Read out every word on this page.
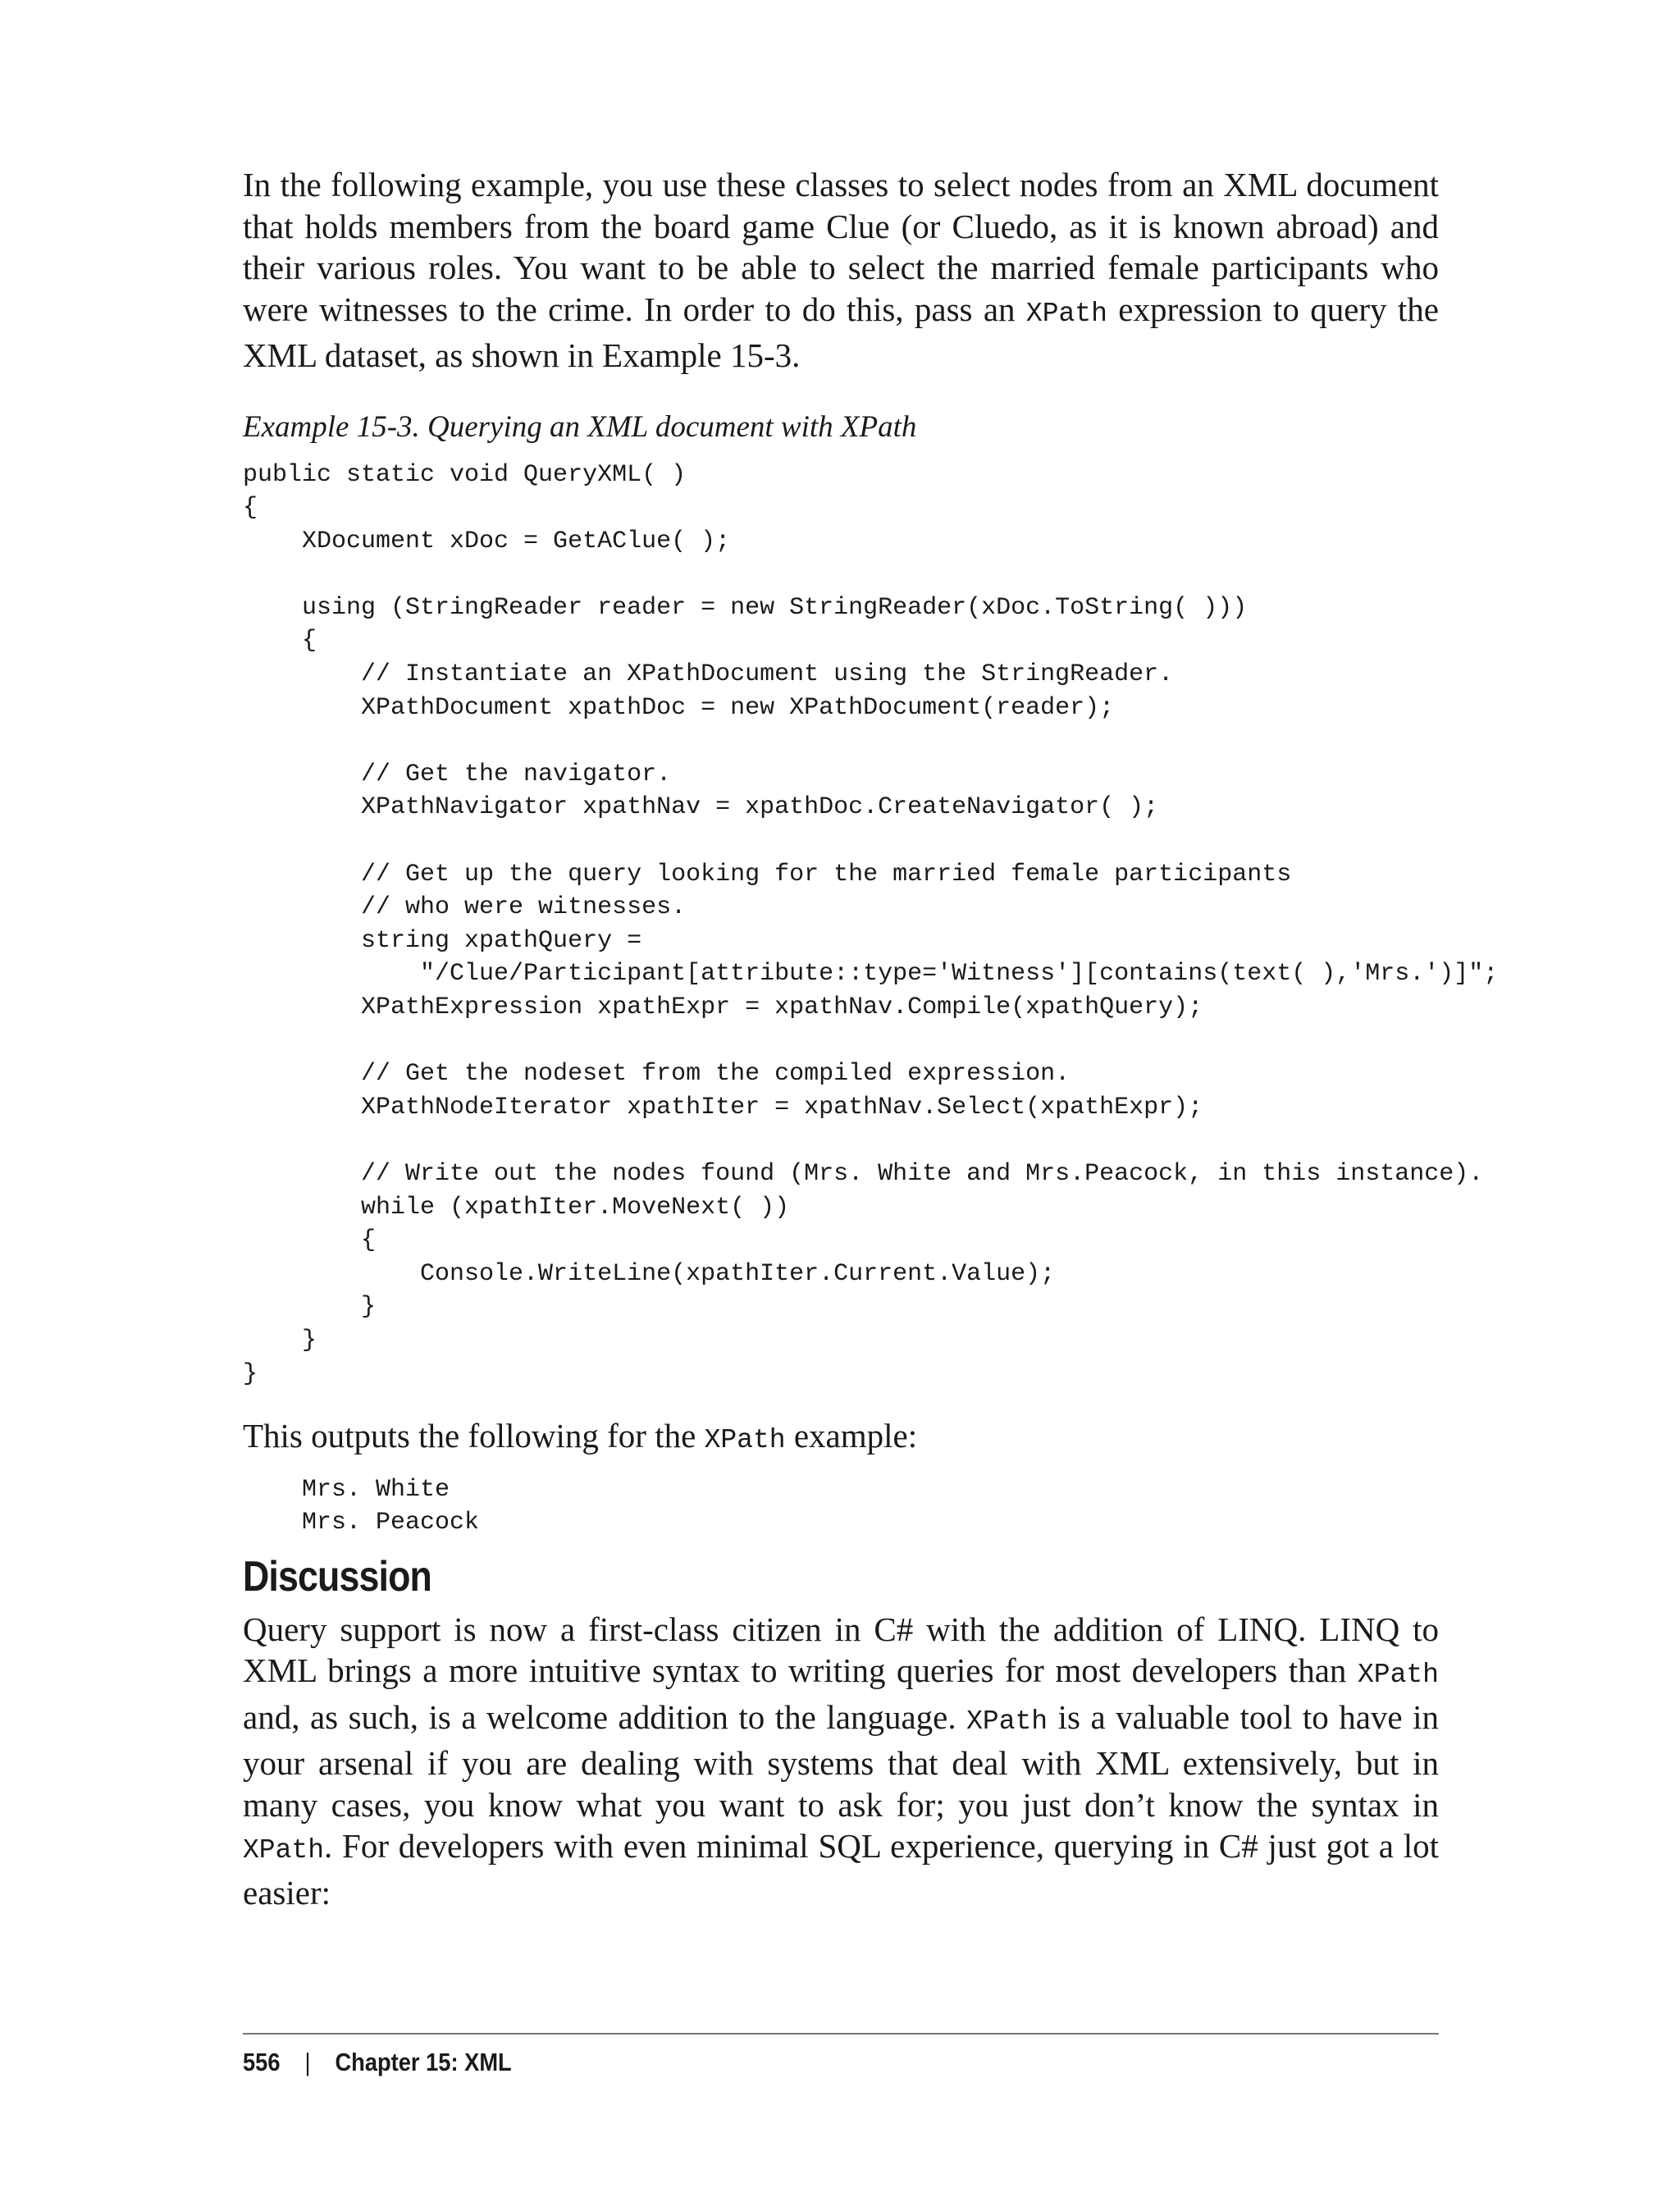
In the following example, you use these classes to select nodes from an XML document that holds members from the board game Clue (or Cluedo, as it is known abroad) and their various roles. You want to be able to select the married female participants who were witnesses to the crime. In order to do this, pass an XPath expression to query the XML dataset, as shown in Example 15-3.

Example 15-3. Querying an XML document with XPath
public static void QueryXML( )
{
XDocument xDoc = GetAClue( );

using (StringReader reader = new StringReader(xDoc.ToString( )))
{
// Instantiate an XPathDocument using the StringReader.
XPathDocument xpathDoc = new XPathDocument(reader);

// Get the navigator.
XPathNavigator xpathNav = xpathDoc.CreateNavigator( );

// Get up the query looking for the married female participants
// who were witnesses.
string xpathQuery =
"/Clue/Participant[attribute::type='Witness'][contains(text( ),'Mrs.')]";
XPathExpression xpathExpr = xpathNav.Compile(xpathQuery);

// Get the nodeset from the compiled expression.
XPathNodeIterator xpathIter = xpathNav.Select(xpathExpr);

// Write out the nodes found (Mrs. White and Mrs.Peacock, in this instance).
while (xpathIter.MoveNext( ))
{
Console.WriteLine(xpathIter.Current.Value);
}
}
}

This outputs the following for the XPath example:

Mrs. White
Mrs. Peacock
Discussion

Query support is now a first-class citizen in C# with the addition of LINQ. LINQ to XML brings a more intuitive syntax to writing queries for most developers than XPath and, as such, is a welcome addition to the language. XPath is a valuable tool to have in your arsenal if you are dealing with systems that deal with XML extensively, but in many cases, you know what you want to ask for; you just don’t know the syntax in XPath. For developers with even minimal SQL experience, querying in C# just got a lot easier:

556 | Chapter 15: XML
